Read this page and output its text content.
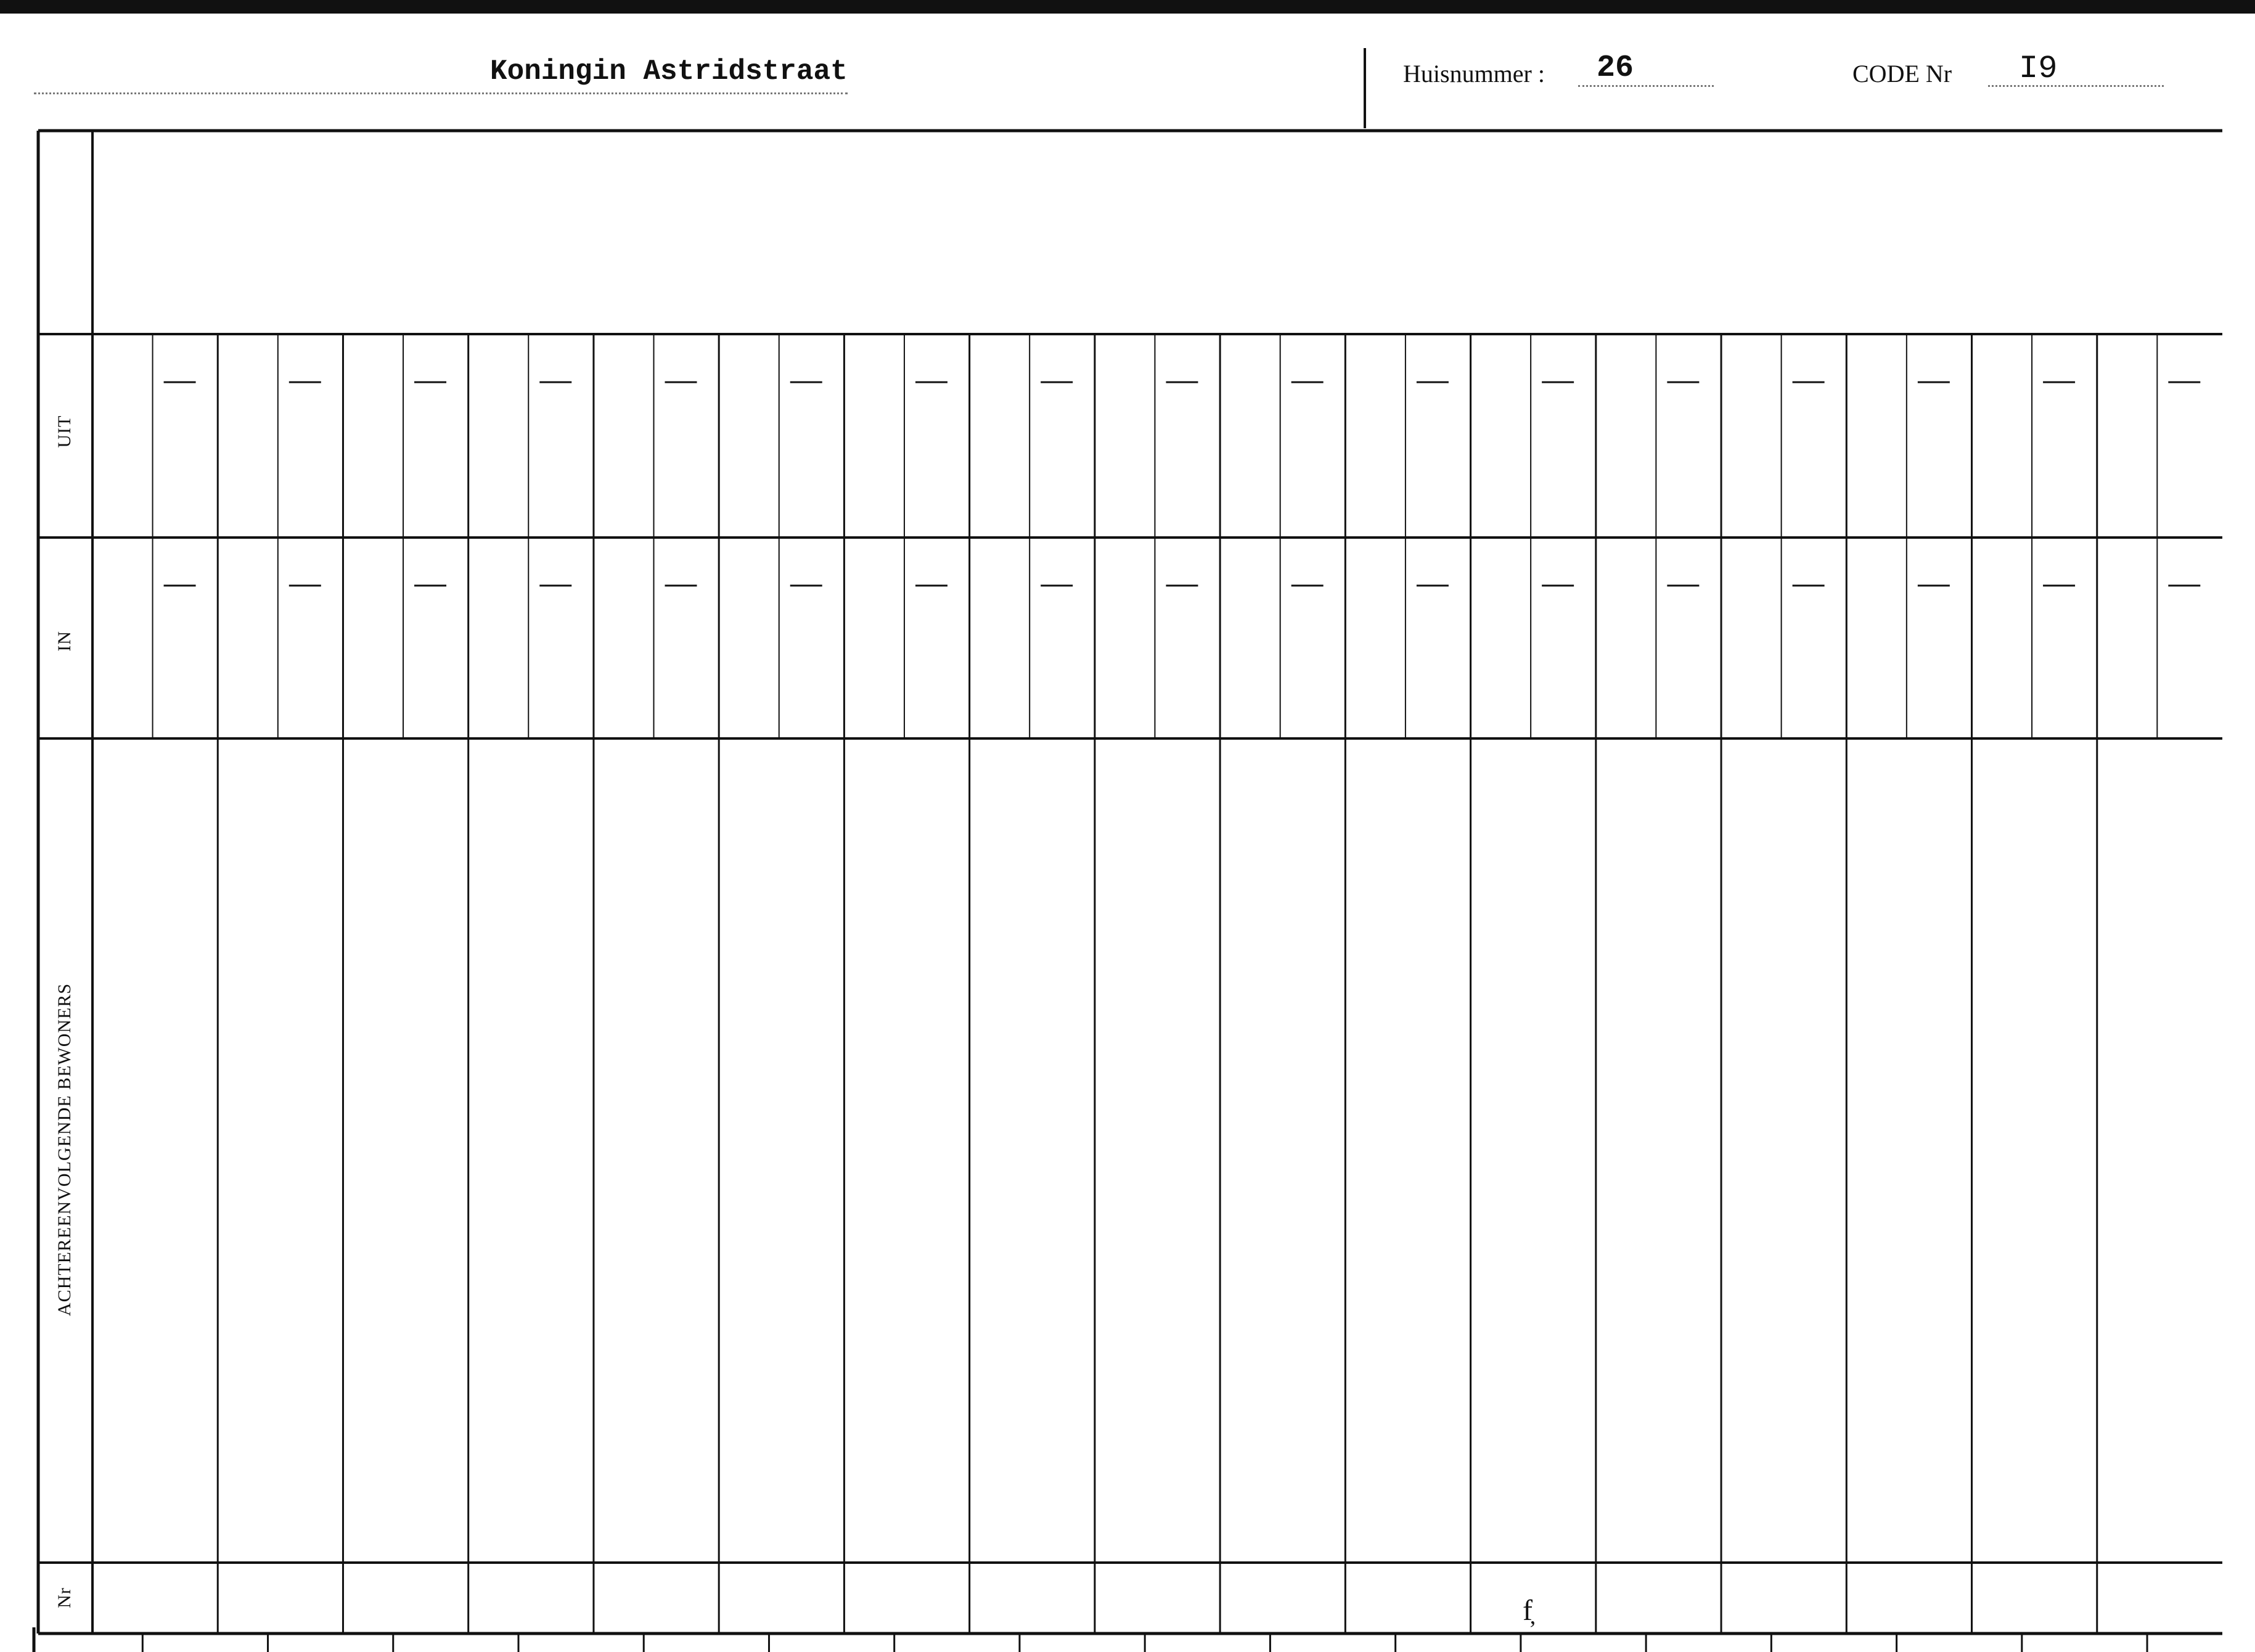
Koningin Astridstraat	Huisnummer : 26	CODE Nr I9
UIT
IN
ACHTEREENVOLGENDE BEWONERS
Nr	f̦
